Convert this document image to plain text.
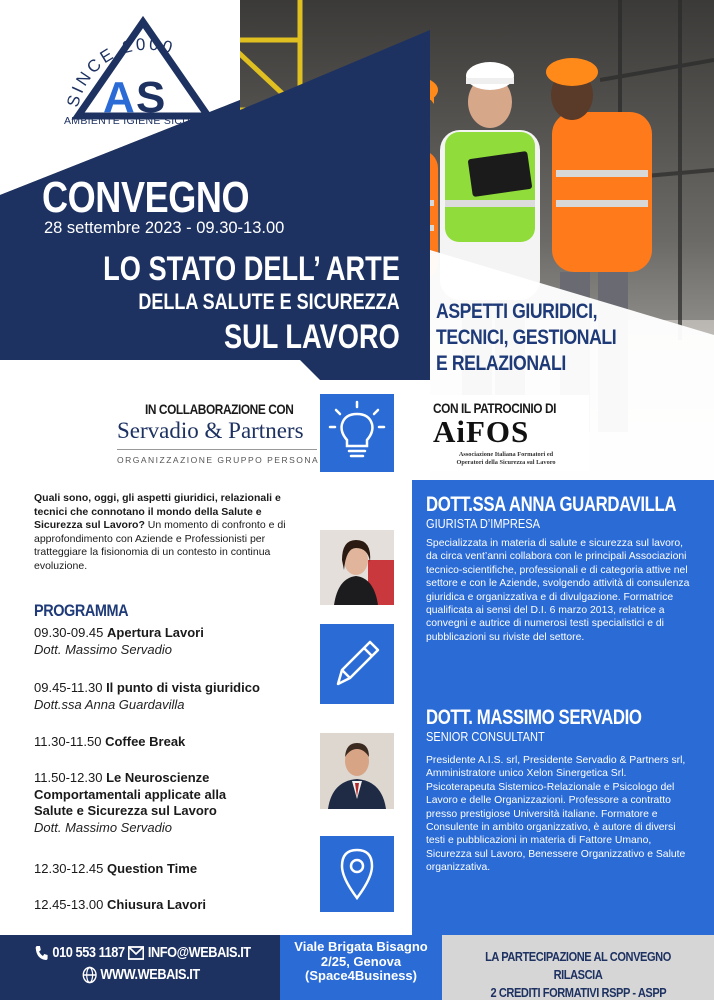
A S
SINCE 2000
AMBIENTE IGIENE SICUREZZA
CONVEGNO
28 settembre 2023 - 09.30-13.00
LO STATO DELL’ ARTE
DELLA SALUTE E SICUREZZA
SUL LAVORO
ASPETTI GIURIDICI,
TECNICI, GESTIONALI
E RELAZIONALI
IN COLLABORAZIONE CON
Servadio & Partners
ORGANIZZAZIONE GRUPPO PERSONA
CON IL PATROCINIO DI
AiFOS
Associazione Italiana Formatori ed
Operatori della Sicurezza sul Lavoro
Quali sono, oggi, gli aspetti giuridici, relazionali e tecnici che connotano il mondo della Salute e Sicurezza sul Lavoro? Un momento di confronto e di approfondimento con Aziende e Professionisti per tratteggiare la fisionomia di un contesto in continua evoluzione.
PROGRAMMA
09.30-09.45 Apertura Lavori
Dott. Massimo Servadio
09.45-11.30 Il punto di vista giuridico
Dott.ssa Anna Guardavilla
11.30-11.50 Coffee Break
11.50-12.30 Le Neuroscienze
Comportamentali applicate alla
Salute e Sicurezza sul Lavoro
Dott. Massimo Servadio
12.30-12.45 Question Time
12.45-13.00 Chiusura Lavori
DOTT.SSA ANNA GUARDAVILLA
GIURISTA D’IMPRESA
Specializzata in materia di salute e sicurezza sul lavoro, da circa vent’anni collabora con le principali Associazioni tecnico-scientifiche, professionali e di categoria attive nel settore e con le Aziende, svolgendo attività di consulenza giuridica e organizzativa e di divulgazione. Formatrice qualificata ai sensi del D.I. 6 marzo 2013, relatrice a convegni e autrice di numerosi testi specialistici e di pubblicazioni su riviste del settore.
DOTT. MASSIMO SERVADIO
SENIOR CONSULTANT
Presidente A.I.S. srl, Presidente Servadio & Partners srl, Amministratore unico Xelon Sinergetica Srl. Psicoterapeuta Sistemico-Relazionale e Psicologo del Lavoro e delle Organizzazioni. Professore a contratto presso prestigiose Università italiane. Formatore e Consulente in ambito organizzativo, è autore di diversi testi e pubblicazioni in materia di Fattore Umano, Sicurezza sul Lavoro, Benessere Organizzativo e Salute organizzativa.
010 553 1187 INFO@WEBAIS.IT
WWW.WEBAIS.IT
Viale Brigata Bisagno
2/25, Genova
(Space4Business)
LA PARTECIPAZIONE AL CONVEGNO RILASCIA
2 CREDITI FORMATIVI RSPP - ASPP
